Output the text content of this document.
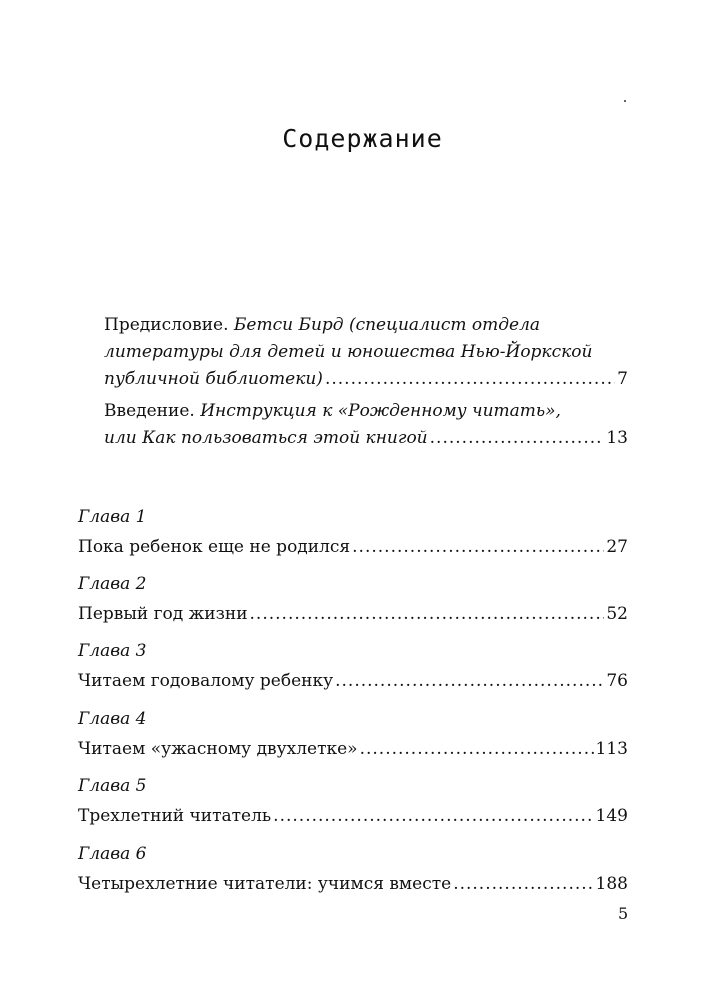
Содержание
Предисловие. Бетси Бирд (специалист отдела
литературы для детей и юношества Нью-Йоркской
публичной библиотеки) .....	7
Введение. Инструкция к «Рожденному читать»,
или Как пользоваться этой книгой .....	13
Глава 1
Пока ребенок еще не родился .....	27
Глава 2
Первый год жизни .....	52
Глава 3
Читаем годовалому ребенку .....	76
Глава 4
Читаем «ужасному двухлетке» .....	113
Глава 5
Трехлетний читатель .....	149
Глава 6
Четырехлетние читатели: учимся вместе .....	188
5
